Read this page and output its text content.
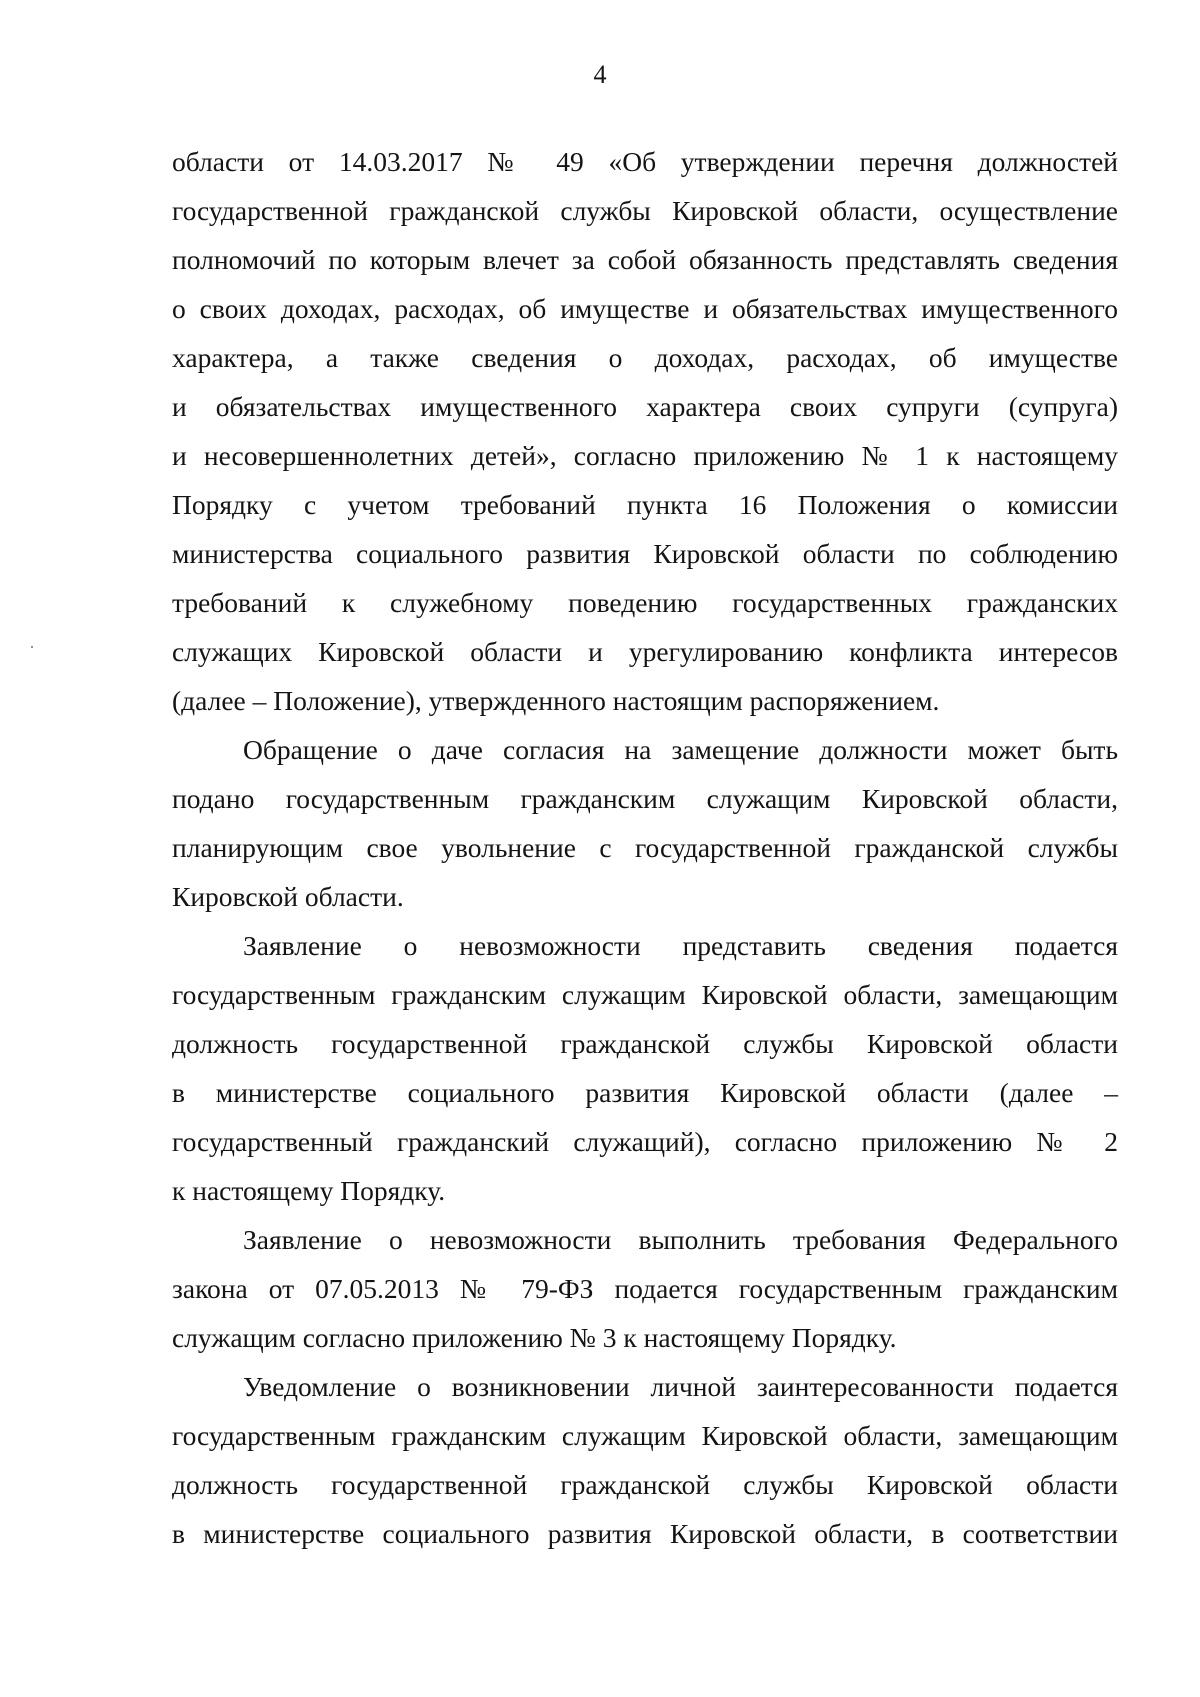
4

области от 14.03.2017 № 49 «Об утверждении перечня должностей
государственной гражданской службы Кировской области, осуществление
полномочий по которым влечет за собой обязанность представлять сведения
о своих доходах, расходах, об имуществе и обязательствах имущественного
характера, а также сведения о доходах, расходах, об имуществе
и обязательствах имущественного характера своих супруги (супруга)
и несовершеннолетних детей», согласно приложению № 1 к настоящему
Порядку с учетом требований пункта 16 Положения о комиссии
министерства социального развития Кировской области по соблюдению
требований к служебному поведению государственных гражданских
служащих Кировской области и урегулированию конфликта интересов
(далее – Положение), утвержденного настоящим распоряжением.

Обращение о даче согласия на замещение должности может быть
подано государственным гражданским служащим Кировской области,
планирующим свое увольнение с государственной гражданской службы
Кировской области.

Заявление о невозможности представить сведения подается
государственным гражданским служащим Кировской области, замещающим
должность государственной гражданской службы Кировской области
в министерстве социального развития Кировской области (далее –
государственный гражданский служащий), согласно приложению № 2
к настоящему Порядку.

Заявление о невозможности выполнить требования Федерального
закона от 07.05.2013 № 79-ФЗ подается государственным гражданским
служащим согласно приложению № 3 к настоящему Порядку.

Уведомление о возникновении личной заинтересованности подается
государственным гражданским служащим Кировской области, замещающим
должность государственной гражданской службы Кировской области
в министерстве социального развития Кировской области, в соответствии
